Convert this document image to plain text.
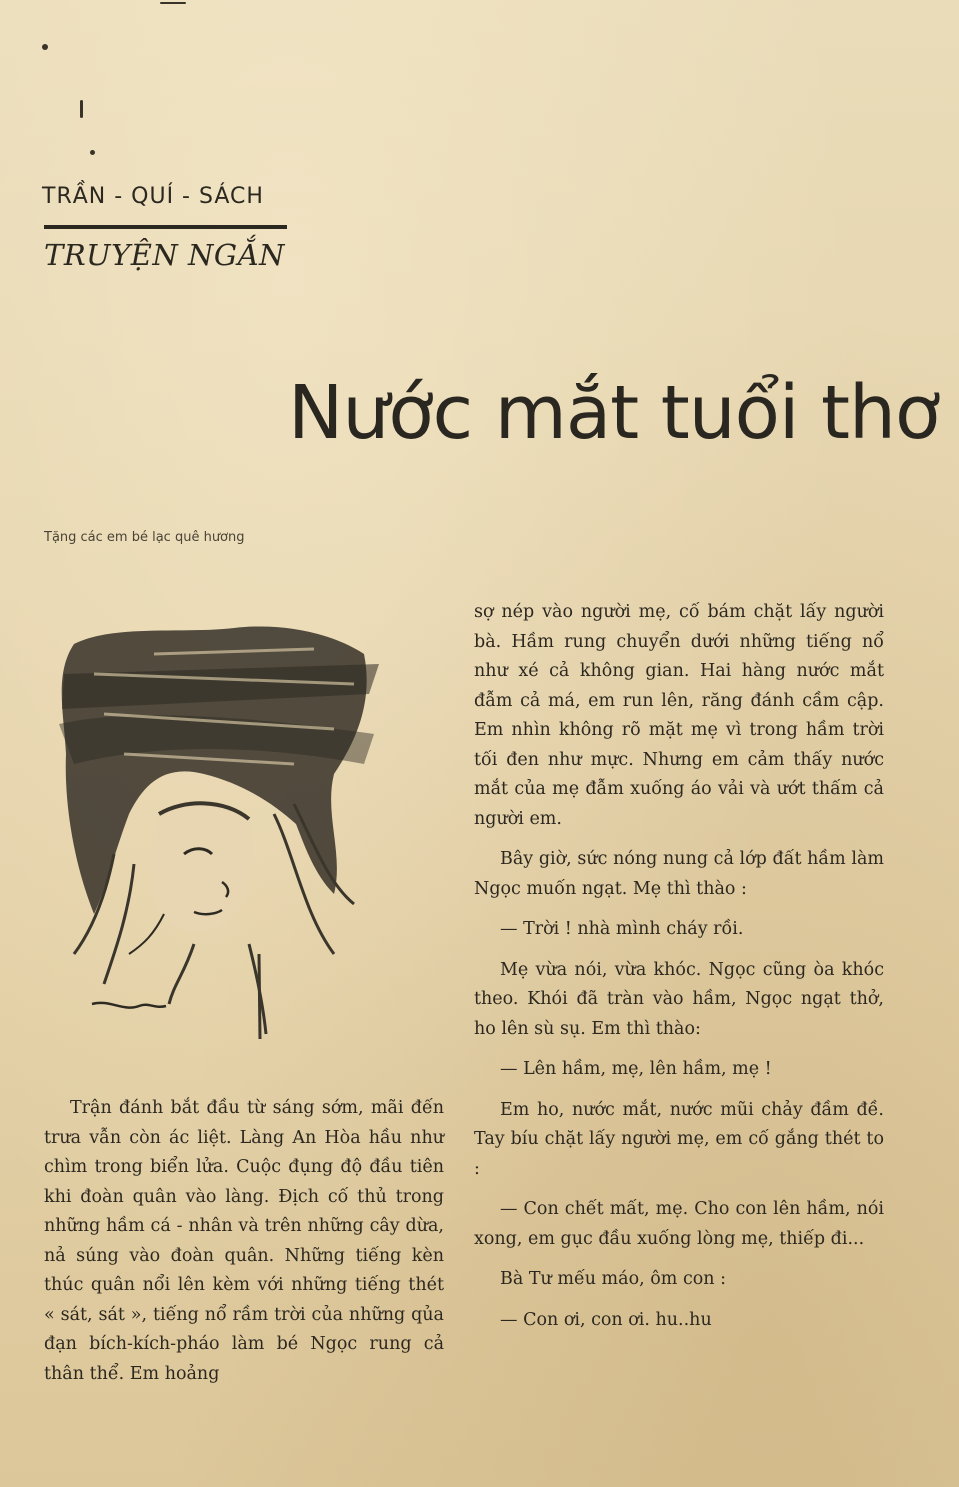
TRẦN - QUÍ - SÁCH
TRUYỆN NGẮN
Nước mắt tuổi thơ
Tặng các em bé lạc quê hương

Trận đánh bắt đầu từ sáng sớm, mãi đến trưa vẫn còn ác liệt. Làng An Hòa hầu như chìm trong biển lửa. Cuộc đụng độ đầu tiên khi đoàn quân vào làng. Địch cố thủ trong những hầm cá - nhân và trên những cây dừa, nả súng vào đoàn quân. Những tiếng kèn thúc quân nổi lên kèm với những tiếng thét « sát, sát », tiếng nổ rầm trời của những qủa đạn bích-kích-pháo làm bé Ngọc rung cả thân thể. Em hoảng

sợ nép vào người mẹ, cố bám chặt lấy người bà. Hầm rung chuyển dưới những tiếng nổ như xé cả không gian. Hai hàng nước mắt đẫm cả má, em run lên, răng đánh cầm cập. Em nhìn không rõ mặt mẹ vì trong hầm trời tối đen như mực. Nhưng em cảm thấy nước mắt của mẹ đẫm xuống áo vải và ướt thấm cả người em.

Bây giờ, sức nóng nung cả lớp đất hầm làm Ngọc muốn ngạt. Mẹ thì thào :

— Trời ! nhà mình cháy rồi.

Mẹ vừa nói, vừa khóc. Ngọc cũng òa khóc theo. Khói đã tràn vào hầm, Ngọc ngạt thở, ho lên sù sụ. Em thì thào:

— Lên hầm, mẹ, lên hầm, mẹ !

Em ho, nước mắt, nước mũi chảy đầm đề. Tay bíu chặt lấy người mẹ, em cố gắng thét to :

— Con chết mất, mẹ. Cho con lên hầm, nói xong, em gục đầu xuống lòng mẹ, thiếp đi...

Bà Tư mếu máo, ôm con :

— Con ơi, con ơi. hu..hu
